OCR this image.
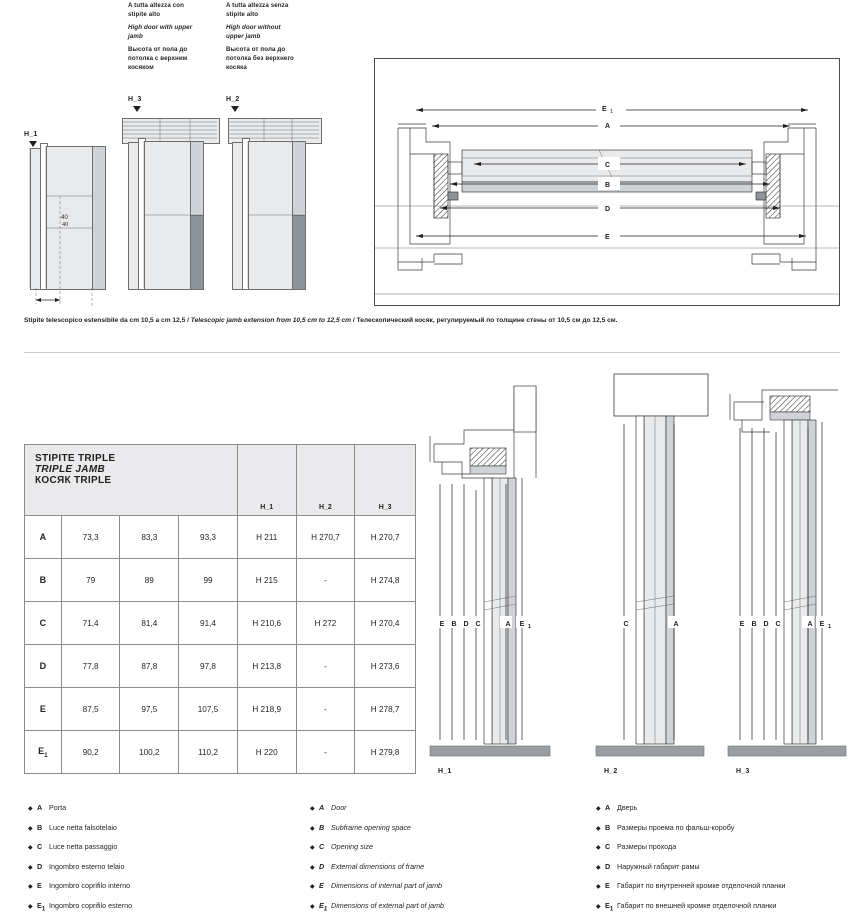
A tutta altezza con stipite alto

High door with upper jamb

Высота от пола до потолка с верхним косяком

A tutta altezza senza stipite alto

High door without upper jamb

Высота от пола до потолка без верхнего косяка

H_3	H_2
H_1
40
40
E 1
A
C
B
D
E
Stipite telescopico estensibile da cm 10,5 a cm 12,5 / Telescopic jamb extension from 10,5 cm to 12,5 cm / Телескопический косяк, регулируемый по толщине стены от 10,5 см до 12,5 см.
STIPITE TRIPLE
TRIPLE JAMB
КОСЯК TRIPLE				H_1	H_2	H_3
A	73,3	83,3	93,3	H 211	H 270,7	H 270,7
B	79	89	99	H 215	-	H 274,8
C	71,4	81,4	91,4	H 210,6	H 272	H 270,4
D	77,8	87,8	97,8	H 213,8	-	H 273,6
E	87,5	97,5	107,5	H 218,9	-	H 278,7
$E_1$	90,2	100,2	110,2	H 220	-	H 279,8
E B D C	A E 1	C	A	E B D C	A E 1
H_1	H_2	H_3
◆ A Porta
◆ B Luce netta falsotelaio
◆ C Luce netta passaggio
◆ D Ingombro esterno telaio
◆ E	Ingombro coprifilo interno
◆ E1 Ingombro coprifilo esterno
◆ A Door
◆ B Subframe opening space
◆ C Opening size
◆ D External dimensions of frame
◆ E	Dimensions of internal part of jamb
◆ E1 Dimensions of external part of jamb
◆ A Дверь
◆ B Размеры проема по фальш-коробу
◆ C Размеры прохода
◆ D Наружный габарит рамы
◆ E	Габарит по внутренней кромке отделочной планки
◆ E1 Габарит по внешней кромке отделочной планки
